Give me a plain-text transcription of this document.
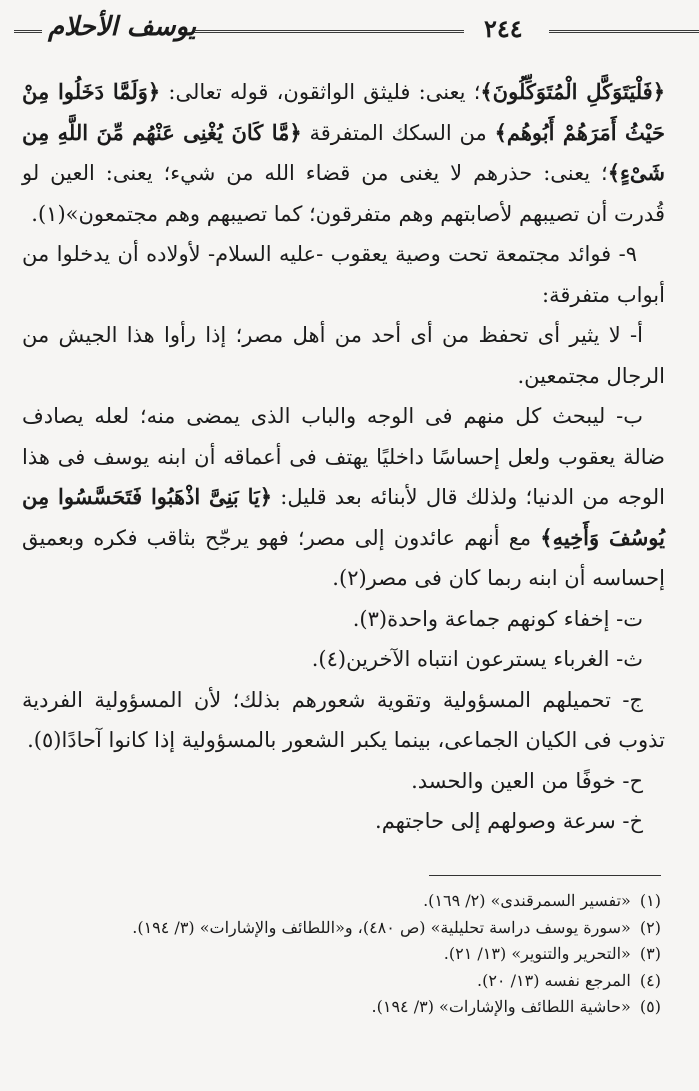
يوسف الأحلام	٢٤٤

﴿فَلْيَتَوَكَّلِ الْمُتَوَكِّلُونَ﴾؛ يعنى: فليثق الواثقون، قوله تعالى: ﴿وَلَمَّا دَخَلُوا مِنْ حَيْثُ أَمَرَهُمْ أَبُوهُم﴾ من السكك المتفرقة ﴿مَّا كَانَ يُغْنِى عَنْهُم مِّنَ اللَّهِ مِن شَىْءٍ﴾؛ يعنى: حذرهم لا يغنى من قضاء الله من شيء؛ يعنى: العين لو قُدرت أن تصيبهم لأصابتهم وهم متفرقون؛ كما تصيبهم وهم مجتمعون»(١).

٩- فوائد مجتمعة تحت وصية يعقوب -عليه السلام- لأولاده أن يدخلوا من أبواب متفرقة:

أ- لا يثير أى تحفظ من أى أحد من أهل مصر؛ إذا رأوا هذا الجيش من الرجال مجتمعين.

ب- ليبحث كل منهم فى الوجه والباب الذى يمضى منه؛ لعله يصادف ضالة يعقوب ولعل إحساسًا داخليًا يهتف فى أعماقه أن ابنه يوسف فى هذا الوجه من الدنيا؛ ولذلك قال لأبنائه بعد قليل: ﴿يَا بَنِىَّ اذْهَبُوا فَتَحَسَّسُوا مِن يُوسُفَ وَأَخِيهِ﴾ مع أنهم عائدون إلى مصر؛ فهو يرجّح بثاقب فكره وبعميق إحساسه أن ابنه ربما كان فى مصر(٢).

ت- إخفاء كونهم جماعة واحدة(٣).

ث- الغرباء يسترعون انتباه الآخرين(٤).

ج- تحميلهم المسؤولية وتقوية شعورهم بذلك؛ لأن المسؤولية الفردية تذوب فى الكيان الجماعى، بينما يكبر الشعور بالمسؤولية إذا كانوا آحادًا(٥).

ح- خوفًا من العين والحسد.

خ- سرعة وصولهم إلى حاجتهم.

(١) «تفسير السمرقندى» (٢/ ١٦٩).
(٢) «سورة يوسف دراسة تحليلية» (ص ٤٨٠)، و«اللطائف والإشارات» (٣/ ١٩٤).
(٣) «التحرير والتنوير» (١٣/ ٢١).
(٤) المرجع نفسه (١٣/ ٢٠).
(٥) «حاشية اللطائف والإشارات» (٣/ ١٩٤).
